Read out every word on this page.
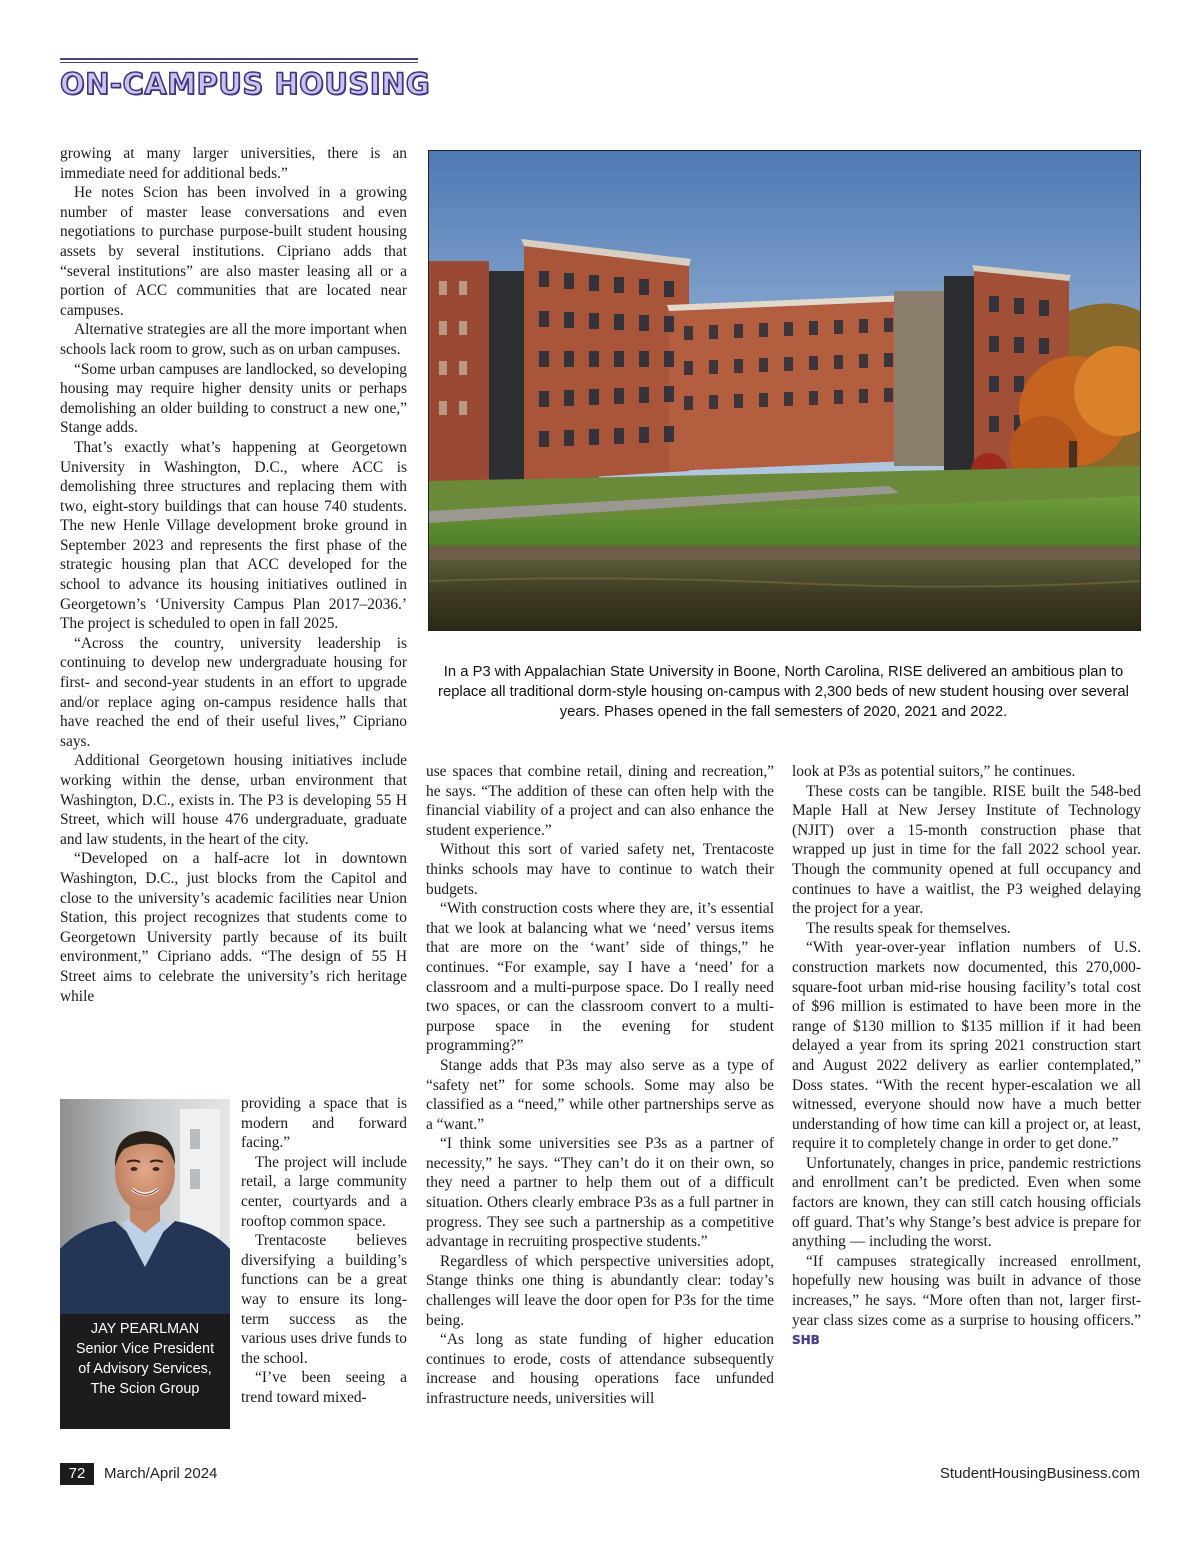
ON-CAMPUS HOUSING

growing at many larger universities, there is an immediate need for additional beds.”

He notes Scion has been involved in a growing number of master lease conversations and even negotiations to purchase purpose-built student housing assets by several institutions. Cipriano adds that “several institutions” are also master leasing all or a portion of ACC communities that are located near campuses.

Alternative strategies are all the more important when schools lack room to grow, such as on urban campuses.

“Some urban campuses are landlocked, so developing housing may require higher density units or perhaps demolishing an older building to construct a new one,” Stange adds.

That’s exactly what’s happening at Georgetown University in Washington, D.C., where ACC is demolishing three structures and replacing them with two, eight-story buildings that can house 740 students. The new Henle Village development broke ground in September 2023 and represents the first phase of the strategic housing plan that ACC developed for the school to advance its housing initiatives outlined in Georgetown’s ‘University Campus Plan 2017–2036.’ The project is scheduled to open in fall 2025.

“Across the country, university leadership is continuing to develop new undergraduate housing for first- and second-year students in an effort to upgrade and/or replace aging on-campus residence halls that have reached the end of their useful lives,” Cipriano says.

Additional Georgetown housing initiatives include working within the dense, urban environment that Washington, D.C., exists in. The P3 is developing 55 H Street, which will house 476 undergraduate, graduate and law students, in the heart of the city.

“Developed on a half-acre lot in downtown Washington, D.C., just blocks from the Capitol and close to the university’s academic facilities near Union Station, this project recognizes that students come to Georgetown University partly because of its built environment,” Cipriano adds. “The design of 55 H Street aims to celebrate the university’s rich heritage while

JAY PEARLMAN
Senior Vice President
of Advisory Services,
The Scion Group

providing a space that is modern and forward facing.”

The project will include retail, a large community center, courtyards and a rooftop common space.

Trentacoste believes diversifying a building’s functions can be a great way to ensure its long-term success as the various uses drive funds to the school.

“I’ve been seeing a trend toward mixed-

In a P3 with Appalachian State University in Boone, North Carolina, RISE delivered an ambitious plan to replace all traditional dorm-style housing on-campus with 2,300 beds of new student housing over several years. Phases opened in the fall semesters of 2020, 2021 and 2022.

use spaces that combine retail, dining and recreation,” he says. “The addition of these can often help with the financial viability of a project and can also enhance the student experience.”

Without this sort of varied safety net, Trentacoste thinks schools may have to continue to watch their budgets.

“With construction costs where they are, it’s essential that we look at balancing what we ‘need’ versus items that are more on the ‘want’ side of things,” he continues. “For example, say I have a ‘need’ for a classroom and a multi-purpose space. Do I really need two spaces, or can the classroom convert to a multi-purpose space in the evening for student programming?”

Stange adds that P3s may also serve as a type of “safety net” for some schools. Some may also be classified as a “need,” while other partnerships serve as a “want.”

“I think some universities see P3s as a partner of necessity,” he says. “They can’t do it on their own, so they need a partner to help them out of a difficult situation. Others clearly embrace P3s as a full partner in progress. They see such a partnership as a competitive advantage in recruiting prospective students.”

Regardless of which perspective universities adopt, Stange thinks one thing is abundantly clear: today’s challenges will leave the door open for P3s for the time being.

“As long as state funding of higher education continues to erode, costs of attendance subsequently increase and housing operations face unfunded infrastructure needs, universities will

look at P3s as potential suitors,” he continues.

These costs can be tangible. RISE built the 548-bed Maple Hall at New Jersey Institute of Technology (NJIT) over a 15-month construction phase that wrapped up just in time for the fall 2022 school year. Though the community opened at full occupancy and continues to have a waitlist, the P3 weighed delaying the project for a year.

The results speak for themselves.

“With year-over-year inflation numbers of U.S. construction markets now documented, this 270,000-square-foot urban mid-rise housing facility’s total cost of $96 million is estimated to have been more in the range of $130 million to $135 million if it had been delayed a year from its spring 2021 construction start and August 2022 delivery as earlier contemplated,” Doss states. “With the recent hyper-escalation we all witnessed, everyone should now have a much better understanding of how time can kill a project or, at least, require it to completely change in order to get done.”

Unfortunately, changes in price, pandemic restrictions and enrollment can’t be predicted. Even when some factors are known, they can still catch housing officials off guard. That’s why Stange’s best advice is prepare for anything — including the worst.

“If campuses strategically increased enrollment, hopefully new housing was built in advance of those increases,” he says. “More often than not, larger first-year class sizes come as a surprise to housing officers.” SHB

72	March/April 2024	StudentHousingBusiness.com
